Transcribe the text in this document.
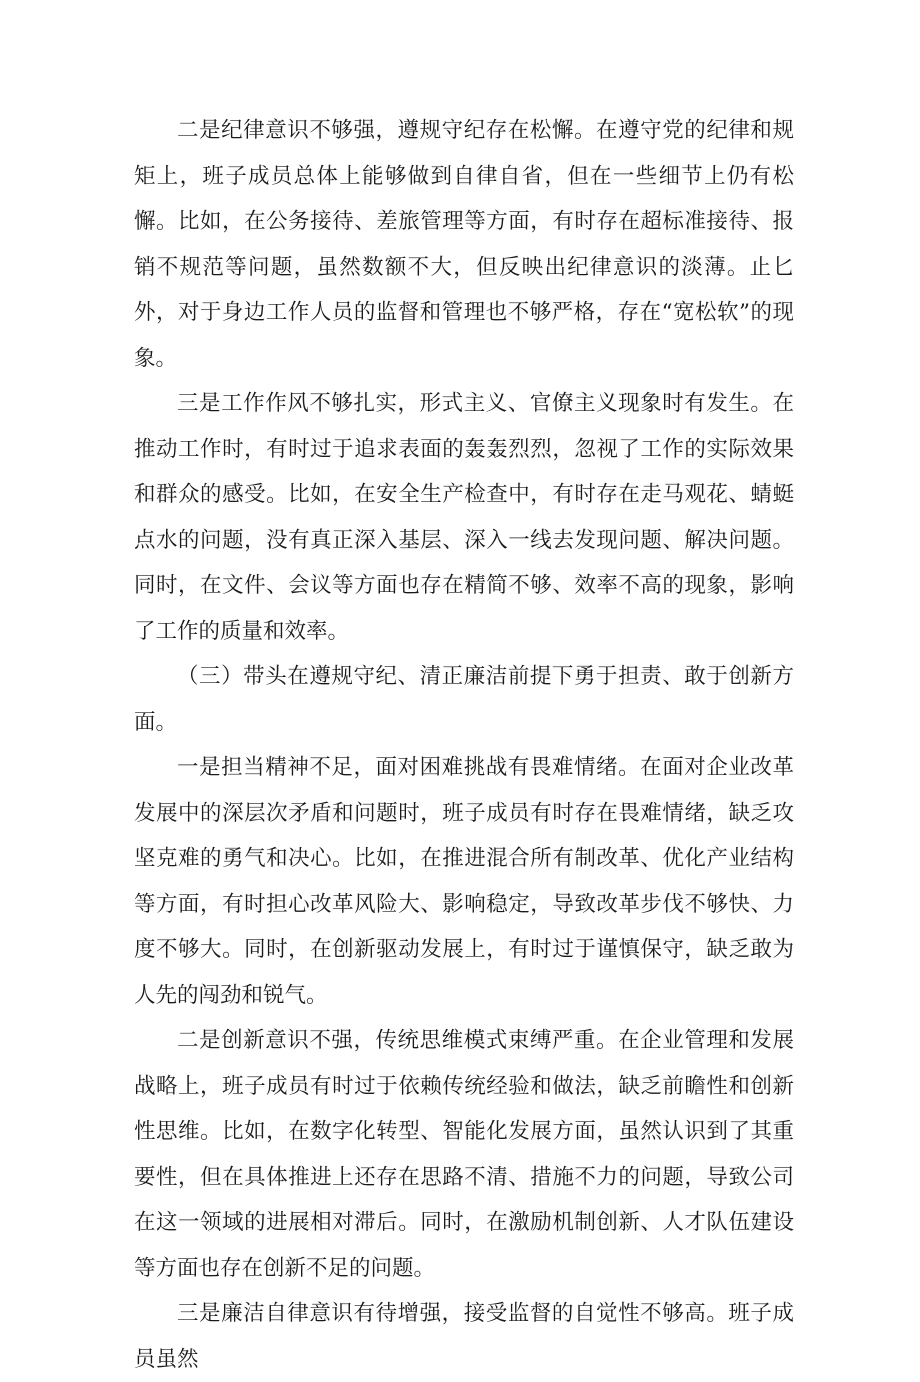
二是纪律意识不够强，遵规守纪存在松懈。在遵守党的纪律和规矩上，班子成员总体上能够做到自律自省，但在一些细节上仍有松懈。比如，在公务接待、差旅管理等方面，有时存在超标准接待、报销不规范等问题，虽然数额不大，但反映出纪律意识的淡薄。止匕外，对于身边工作人员的监督和管理也不够严格，存在“宽松软”的现象。

三是工作作风不够扎实，形式主义、官僚主义现象时有发生。在推动工作时，有时过于追求表面的轰轰烈烈，忽视了工作的实际效果和群众的感受。比如，在安全生产检查中，有时存在走马观花、蜻蜓点水的问题，没有真正深入基层、深入一线去发现问题、解决问题。同时，在文件、会议等方面也存在精简不够、效率不高的现象，影响了工作的质量和效率。

（三）带头在遵规守纪、清正廉洁前提下勇于担责、敢于创新方面。

一是担当精神不足，面对困难挑战有畏难情绪。在面对企业改革发展中的深层次矛盾和问题时，班子成员有时存在畏难情绪，缺乏攻坚克难的勇气和决心。比如，在推进混合所有制改革、优化产业结构等方面，有时担心改革风险大、影响稳定，导致改革步伐不够快、力度不够大。同时，在创新驱动发展上，有时过于谨慎保守，缺乏敢为人先的闯劲和锐气。

二是创新意识不强，传统思维模式束缚严重。在企业管理和发展战略上，班子成员有时过于依赖传统经验和做法，缺乏前瞻性和创新性思维。比如，在数字化转型、智能化发展方面，虽然认识到了其重要性，但在具体推进上还存在思路不清、措施不力的问题，导致公司在这一领域的进展相对滞后。同时，在激励机制创新、人才队伍建设等方面也存在创新不足的问题。

三是廉洁自律意识有待增强，接受监督的自觉性不够高。班子成员虽然
